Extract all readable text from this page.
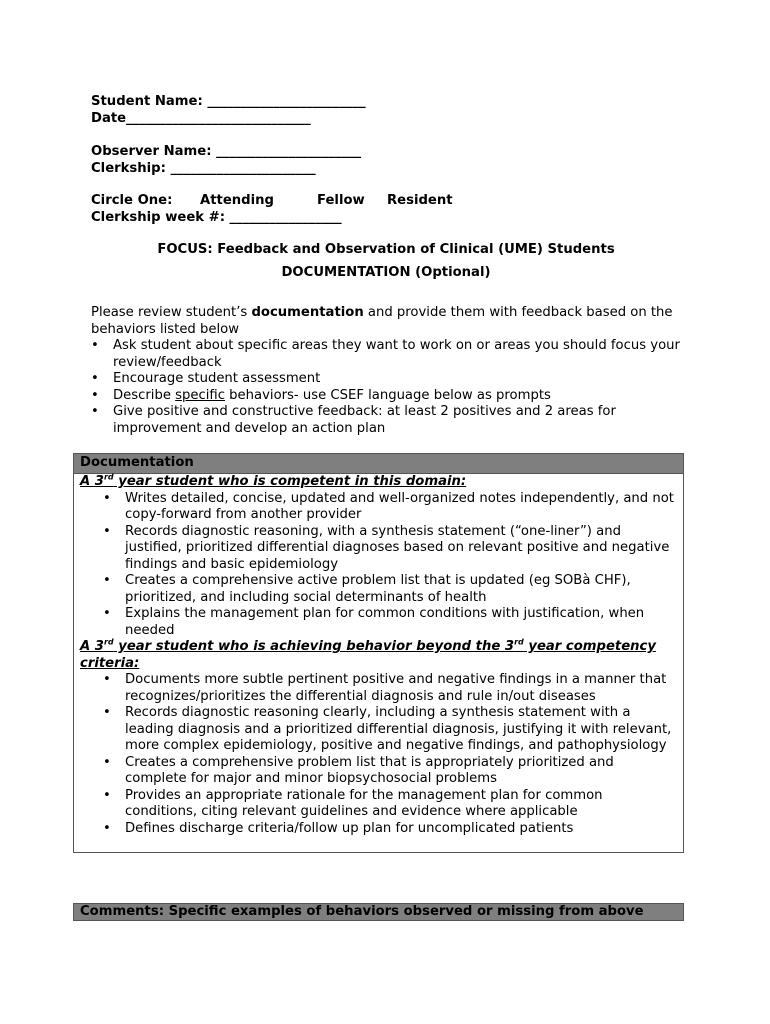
Student Name: ________________________
Date____________________________
Observer Name: ______________________
Clerkship: ______________________
Circle One: Attending	Fellow Resident
Clerkship week #: _________________
FOCUS: Feedback and Observation of Clinical (UME) Students
DOCUMENTATION (Optional)

Please review student’s documentation and provide them with feedback based on the behaviors listed below

• Ask student about specific areas they want to work on or areas you should focus your review/feedback
• Encourage student assessment
• Describe specific behaviors- use CSEF language below as prompts
• Give positive and constructive feedback: at least 2 positives and 2 areas for improvement and develop an action plan
Documentation
A 3rd year student who is competent in this domain:
• Writes detailed, concise, updated and well-organized notes independently, and not copy-forward from another provider
• Records diagnostic reasoning, with a synthesis statement (“one-liner”) and justified, prioritized differential diagnoses based on relevant positive and negative findings and basic epidemiology
• Creates a comprehensive active problem list that is updated (eg SOBà CHF), prioritized, and including social determinants of health
• Explains the management plan for common conditions with justification, when needed
A 3rd year student who is achieving behavior beyond the 3rd year competency criteria:
• Documents more subtle pertinent positive and negative findings in a manner that recognizes/prioritizes the differential diagnosis and rule in/out diseases
• Records diagnostic reasoning clearly, including a synthesis statement with a leading diagnosis and a prioritized differential diagnosis, justifying it with relevant, more complex epidemiology, positive and negative findings, and pathophysiology
• Creates a comprehensive problem list that is appropriately prioritized and complete for major and minor biopsychosocial problems
• Provides an appropriate rationale for the management plan for common conditions, citing relevant guidelines and evidence where applicable
• Defines discharge criteria/follow up plan for uncomplicated patients
Comments: Specific examples of behaviors observed or missing from above
